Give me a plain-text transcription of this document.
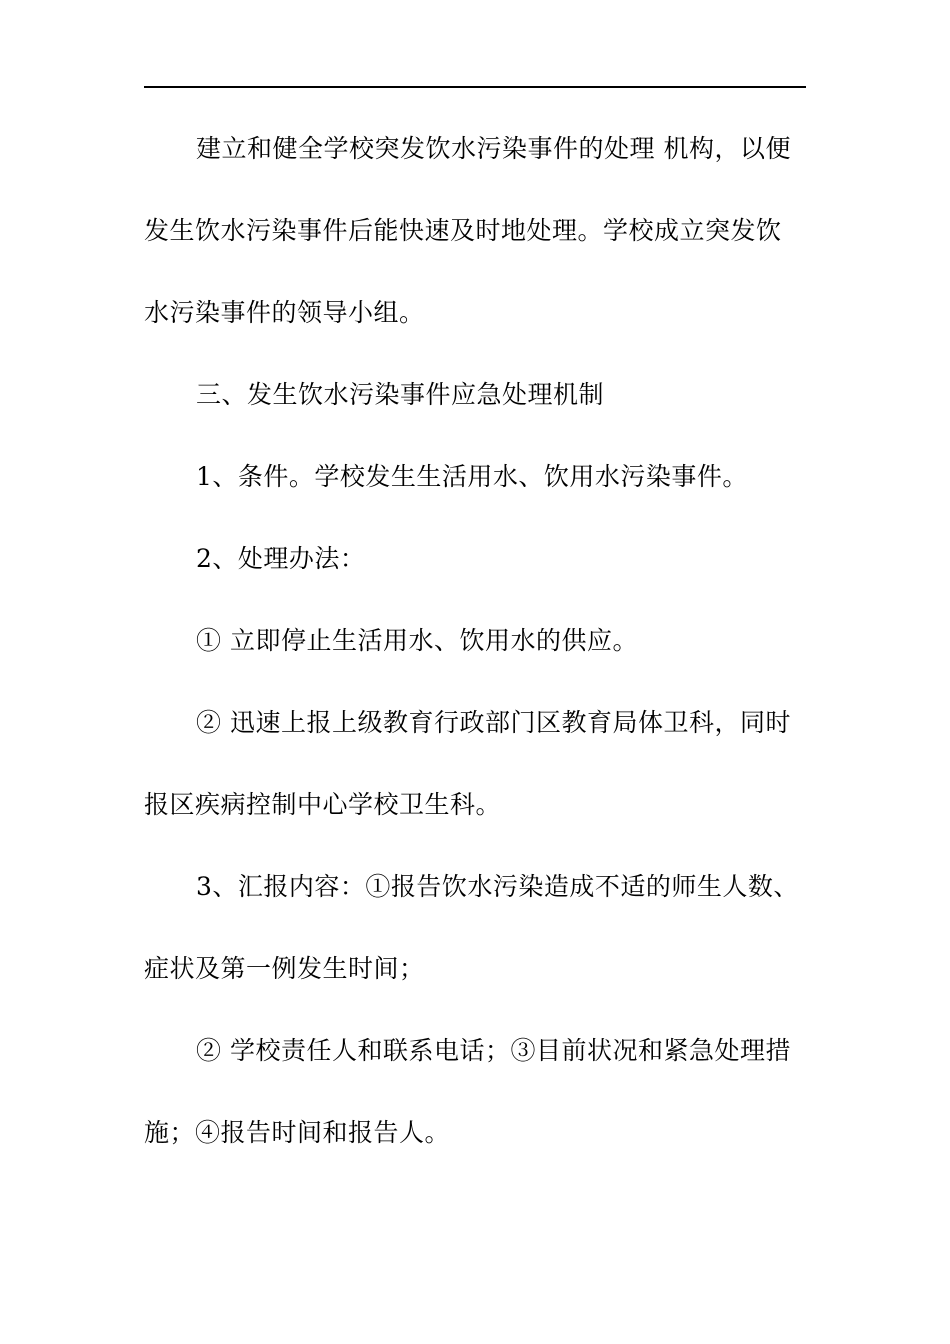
建立和健全学校突发饮水污染事件的处理 机构，以便

发生饮水污染事件后能快速及时地处理。学校成立突发饮

水污染事件的领导小组。

三、发生饮水污染事件应急处理机制

1、条件。学校发生生活用水、饮用水污染事件。

2、处理办法：

① 立即停止生活用水、饮用水的供应。

② 迅速上报上级教育行政部门区教育局体卫科，同时

报区疾病控制中心学校卫生科。

3、汇报内容：①报告饮水污染造成不适的师生人数、

症状及第一例发生时间；

② 学校责任人和联系电话；③目前状况和紧急处理措

施；④报告时间和报告人。
